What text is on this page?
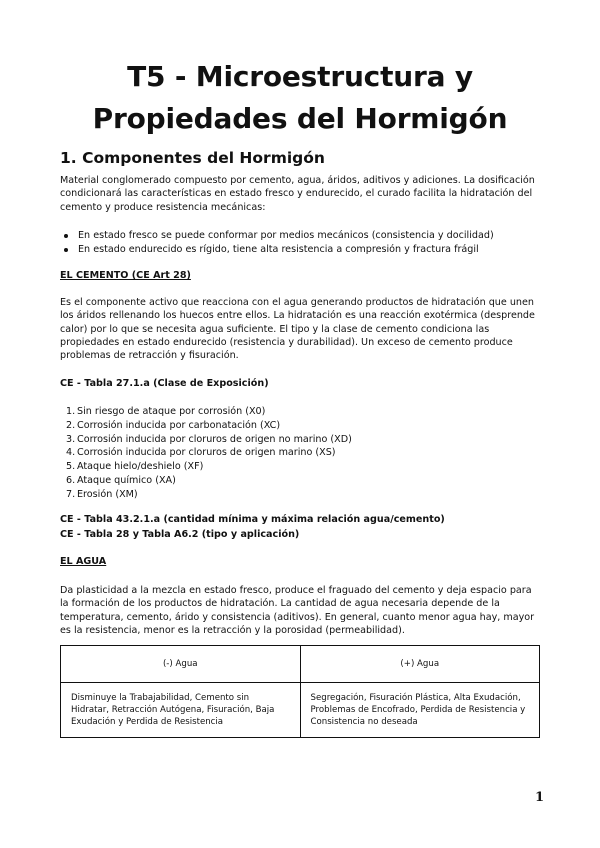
T5 - Microestructura y
Propiedades del Hormigón
1. Componentes del Hormigón

Material conglomerado compuesto por cemento, agua, áridos, aditivos y adiciones. La dosificación condicionará las características en estado fresco y endurecido, el curado facilita la hidratación del cemento y produce resistencia mecánicas:

En estado fresco se puede conformar por medios mecánicos (consistencia y docilidad)
En estado endurecido es rígido, tiene alta resistencia a compresión y fractura frágil
EL CEMENTO (CE Art 28)

Es el componente activo que reacciona con el agua generando productos de hidratación que unen los áridos rellenando los huecos entre ellos. La hidratación es una reacción exotérmica (desprende calor) por lo que se necesita agua suficiente. El tipo y la clase de cemento condiciona las propiedades en estado endurecido (resistencia y durabilidad). Un exceso de cemento produce problemas de retracción y fisuración.

CE - Tabla 27.1.a (Clase de Exposición)
1. Sin riesgo de ataque por corrosión (X0)
2. Corrosión inducida por carbonatación (XC)
3. Corrosión inducida por cloruros de origen no marino (XD)
4. Corrosión inducida por cloruros de origen marino (XS)
5. Ataque hielo/deshielo (XF)
6. Ataque químico (XA)
7. Erosión (XM)
CE - Tabla 43.2.1.a (cantidad mínima y máxima relación agua/cemento)
CE - Tabla 28 y Tabla A6.2 (tipo y aplicación)
EL AGUA

Da plasticidad a la mezcla en estado fresco, produce el fraguado del cemento y deja espacio para la formación de los productos de hidratación. La cantidad de agua necesaria depende de la temperatura, cemento, árido y consistencia (aditivos). En general, cuanto menor agua hay, mayor es la resistencia, menor es la retracción y la porosidad (permeabilidad).

(-) Agua	(+) Agua
Disminuye la Trabajabilidad, Cemento sin Hidratar, Retracción Autógena, Fisuración, Baja Exudación y Perdida de Resistencia	Segregación, Fisuración Plástica, Alta Exudación, Problemas de Encofrado, Perdida de Resistencia y Consistencia no deseada
1
